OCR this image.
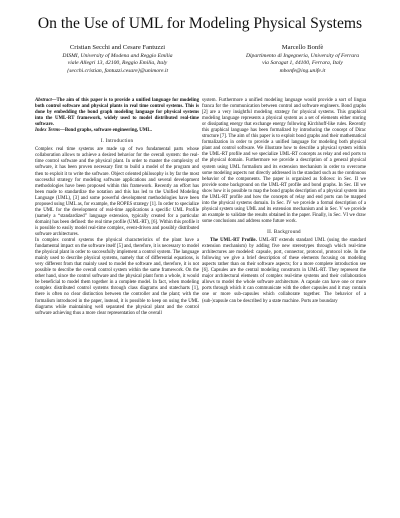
On the Use of UML for Modeling Physical Systems
Cristian Secchi and Cesare Fantuzzi
DISMI, University of Modena and Reggio Emilia
viale Allegri 13, 42100, Reggio Emilia, Italy
{secchi.cristian, fantuzzi.cesare}@unimore.it
Marcello Bonfè
Dipartimento di Ingegneria, University of Ferrara
via Saragat 1, 44100, Ferrara, Italy
mbonfe@ing.unife.it
Abstract—The aim of this paper is to provide a unified language for modeling both control software and physical plants in real time control systems. This is done by embedding the bond graph modeling language for physical systems into the UML-RT framework, widely used to model distributed real-time software.
Index Terms—Bond graphs, software engineering, UML.
I. Introduction

Complex real time systems are made up of two fundamental parts whose collaboration allows to achieve a desired behavior for the overall system: the real-time control software and the physical plant. In order to master the complexity of software, it has been proven necessary first to build a model of the program and then to exploit it to write the software. Object oriented philosophy is by far the most successful strategy for modeling software applications and several development methodologies have been proposed within this framework. Recently an effort has been made to standardize the notation and this has led to the Unified Modeling Language (UML), [3] and some powerful development methodologies have been proposed using UML as, for example, the ROPES strategy [1]. In order to specialize the UML for the development of real-time applications a specific UML Profile (namely a “standardized” language extension, typically created for a particular domain) has been defined: the real time profile (UML-RT), [6]. Within this profile it is possible to easily model real-time complex, event-driven and possibly distributed software architectures.

In complex control systems the physical characteristics of the plant have a fundamental impact on the software itself [5] and, therefore, it is necessary to model the physical plant in order to successfully implement a control system. The language mainly used to describe physical systems, namely that of differential equations, is very different from that mainly used to model the software and, therefore, it is not possible to describe the overall control system within the same framework. On the other hand, since the control software and the physical plant form a whole, it would be beneficial to model them together in a complete model. In fact, when modeling complex distributed control systems through class diagrams and statecharts [1], there is often no clear distinction between the controller and the plant; with the formalism introduced in the paper, instead, it is possible to keep on using the UML diagrams while maintaining well separated the physical plant and the control software achieving thus a more clear representation of the overall

system. Furthermore a unified modeling language would provide a sort of lingua franca for the communication between control and software engineers. Bond graphs [2] are a very insightful modeling strategy for physical systems. This graphical modeling language represents a physical system as a set of elements either storing or dissipating energy that exchange energy following Kirchhoff-like rules. Recently this graphical language has been formalized by introducing the concept of Dirac structure [7]. The aim of this paper is to exploit bond graphs and their mathematical formalization in order to provide a unified language for modeling both physical plant and control software. We illustrate how to describe a physical system within the UML-RT profile and we specialize UML-RT concepts as relay and end ports to the physical domain. Furthermore we provide a description of a general physical system using UML formalism and its extension mechanism in order to overcome some modeling aspects not directly addressed in the standard such as the continuous behavior of the components. The paper is organized as follows: in Sec. II we provide some background on the UML-RT profile and bond graphs. In Sec. III we show how it is possible to map the bond graphs description of a physical system into the UML-RT profile and how the concepts of relay and end ports can be mapped into the physical systems domain. In Sec. IV we provide a formal description of a physical system using UML and its extension mechanism and in Sec. V we provide an example to validate the results obtained in the paper. Finally, in Sec. VI we draw some conclusions and address some future work.

II. Background

The UML-RT Profile. UML-RT extends standard UML (using the standard extension mechanism) by adding five new stereotypes through which real-time architectures are modeled: capsule, port, connector, protocol, protocol role. In the following we give a brief description of these elements focusing on modeling aspects rather than on their software aspects; for a more complete introduction see [6]. Capsules are the central modeling constructs in UML-RT. They represent the major architectural elements of complex real-time systems and their collaboration allows to model the whole software architecture. A capsule can have one or more ports through which it can communicate with the other capsules and it may contain one or more sub-capsules which collaborate together. The behavior of a (sub-)capsule can be described by a state machine. Ports are boundary
